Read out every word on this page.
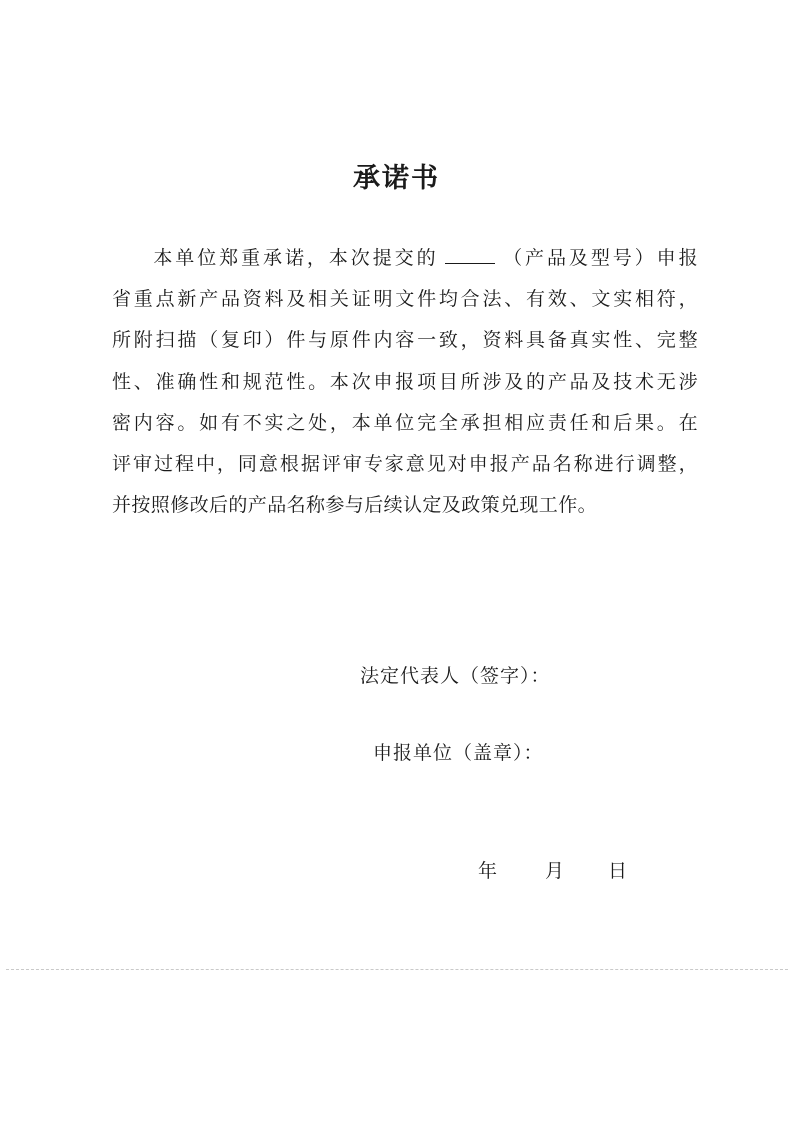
承诺书
  本单位郑重承诺，本次提交的	（产品及型号）申报
省重点新产品资料及相关证明文件均合法、有效、文实相符，
所附扫描（复印）件与原件内容一致，资料具备真实性、完整
性、准确性和规范性。本次申报项目所涉及的产品及技术无涉
密内容。如有不实之处，本单位完全承担相应责任和后果。在
评审过程中，同意根据评审专家意见对申报产品名称进行调整，
并按照修改后的产品名称参与后续认定及政策兑现工作。
法定代表人（签字）：
申报单位（盖章）：
年	月 日
